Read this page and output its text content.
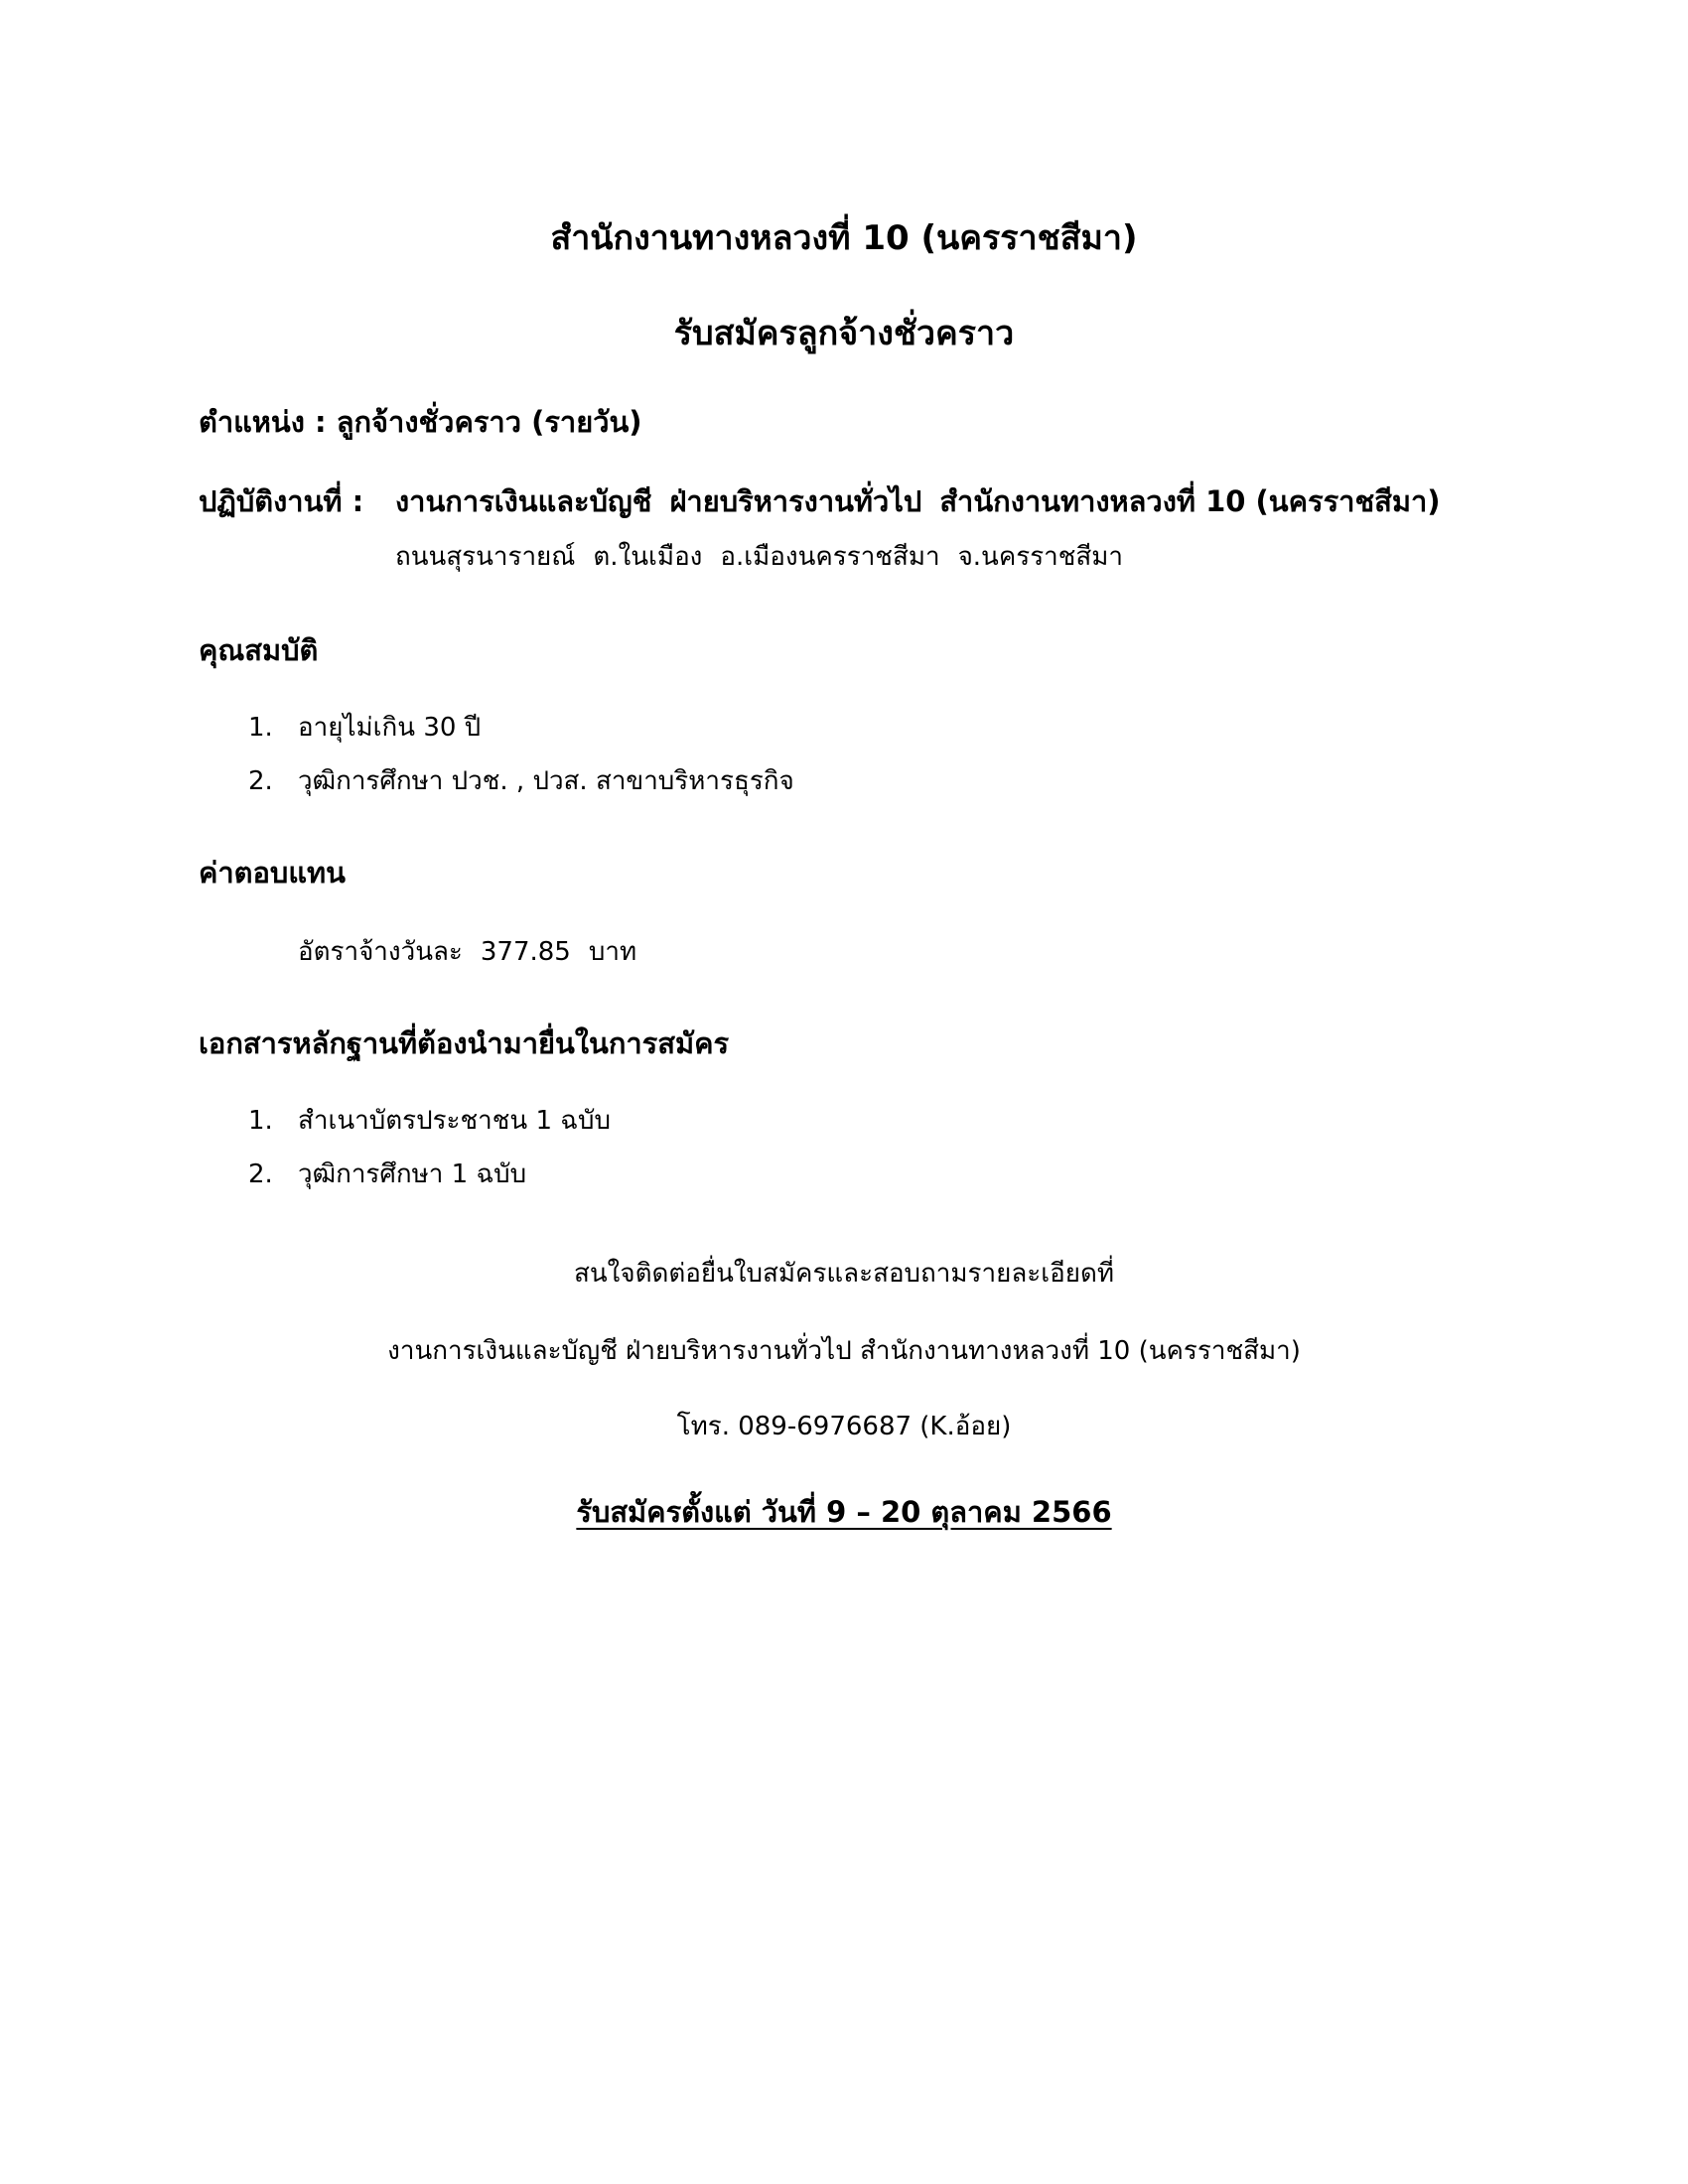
สำนักงานทางหลวงที่ 10 (นครราชสีมา)
รับสมัครลูกจ้างชั่วคราว
ตำแหน่ง : ลูกจ้างชั่วคราว (รายวัน)
ปฏิบัติงานที่ : งานการเงินและบัญชี ฝ่ายบริหารงานทั่วไป สำนักงานทางหลวงที่ 10 (นครราชสีมา)
ถนนสุรนารายณ์ ต.ในเมือง อ.เมืองนครราชสีมา จ.นครราชสีมา
คุณสมบัติ
1. อายุไม่เกิน 30 ปี
2. วุฒิการศึกษา ปวช. , ปวส. สาขาบริหารธุรกิจ
ค่าตอบแทน
อัตราจ้างวันละ 377.85 บาท
เอกสารหลักฐานที่ต้องนำมายื่นในการสมัคร
1. สำเนาบัตรประชาชน 1 ฉบับ
2. วุฒิการศึกษา 1 ฉบับ
สนใจติดต่อยื่นใบสมัครและสอบถามรายละเอียดที่
งานการเงินและบัญชี ฝ่ายบริหารงานทั่วไป สำนักงานทางหลวงที่ 10 (นครราชสีมา)
โทร. 089-6976687 (K.อ้อย)
รับสมัครตั้งแต่ วันที่ 9 – 20 ตุลาคม 2566
